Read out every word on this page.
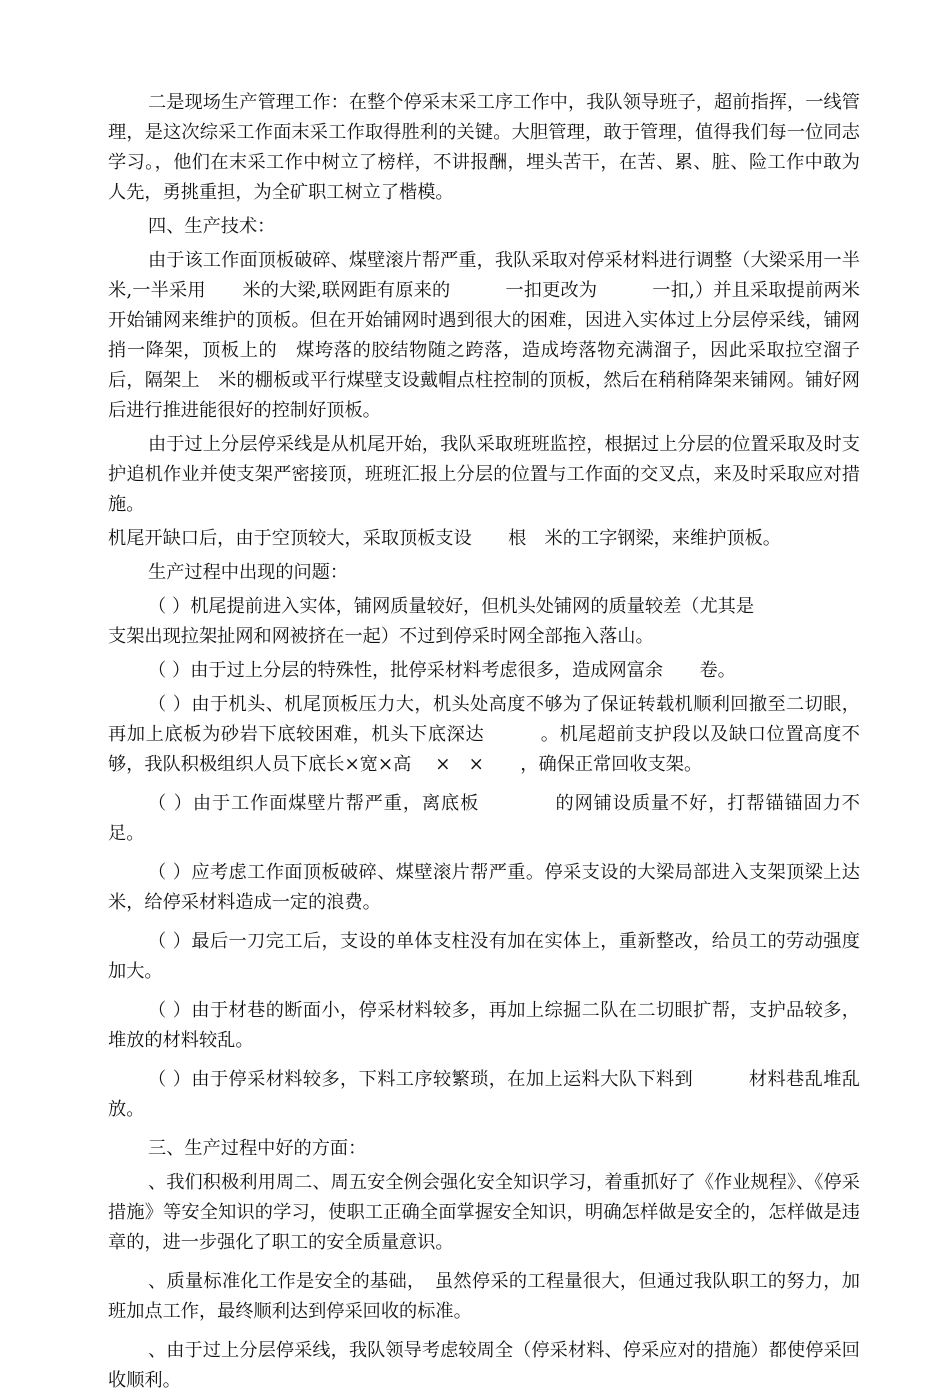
二是现场生产管理工作：在整个停采末采工序工作中，我队领导班子，超前指挥，一线管理，是这次综采工作面末采工作取得胜利的关键。大胆管理，敢于管理，值得我们每一位同志学习。，他们在末采工作中树立了榜样，不讲报酬，埋头苦干，在苦、累、脏、险工作中敢为人先，勇挑重担，为全矿职工树立了楷模。

四、生产技术：

由于该工作面顶板破碎、煤壁滚片帮严重，我队采取对停采材料进行调整（大梁采用一半　　米,一半采用　　米的大梁,联网距有原来的　　　一扣更改为　　　一扣,）并且采取提前两米开始铺网来维护的顶板。但在开始铺网时遇到很大的困难，因进入实体过上分层停采线，铺网捎一降架，顶板上的　煤垮落的胶结物随之跨落，造成垮落物充满溜子，因此采取拉空溜子后，隔架上　米的棚板或平行煤壁支设戴帽点柱控制的顶板，然后在稍稍降架来铺网。铺好网后进行推进能很好的控制好顶板。

由于过上分层停采线是从机尾开始，我队采取班班监控，根据过上分层的位置采取及时支护追机作业并使支架严密接顶，班班汇报上分层的位置与工作面的交叉点，来及时采取应对措施。

机尾开缺口后，由于空顶较大，采取顶板支设　　根　米的工字钢梁，来维护顶板。

生产过程中出现的问题：

（ ）机尾提前进入实体，铺网质量较好，但机头处铺网的质量较差（尤其是

支架出现拉架扯网和网被挤在一起）不过到停采时网全部拖入落山。

（ ）由于过上分层的特殊性，批停采材料考虑很多，造成网富余　　卷。

（ ）由于机头、机尾顶板压力大，机头处高度不够为了保证转载机顺利回撤至二切眼，再加上底板为砂岩下底较困难，机头下底深达　　　。机尾超前支护段以及缺口位置高度不够，我队积极组织人员下底长×宽×高　 ×　×　　，确保正常回收支架。

（ ）由于工作面煤壁片帮严重，离底板　　　　的网铺设质量不好，打帮锚锚固力不足。

（ ）应考虑工作面顶板破碎、煤壁滚片帮严重。停采支设的大梁局部进入支架顶梁上达　　米，给停采材料造成一定的浪费。

（ ）最后一刀完工后，支设的单体支柱没有加在实体上，重新整改，给员工的劳动强度加大。

（ ）由于材巷的断面小，停采材料较多，再加上综掘二队在二切眼扩帮，支护品较多，堆放的材料较乱。

（ ）由于停采材料较多，下料工序较繁琐，在加上运料大队下料到　　　材料巷乱堆乱放。

三、生产过程中好的方面：

、我们积极利用周二、周五安全例会强化安全知识学习，着重抓好了《作业规程》、《停采措施》等安全知识的学习，使职工正确全面掌握安全知识，明确怎样做是安全的，怎样做是违章的，进一步强化了职工的安全质量意识。

、质量标准化工作是安全的基础，　虽然停采的工程量很大，但通过我队职工的努力，加班加点工作，最终顺利达到停采回收的标准。

、由于过上分层停采线，我队领导考虑较周全（停采材料、停采应对的措施）都使停采回收顺利。
